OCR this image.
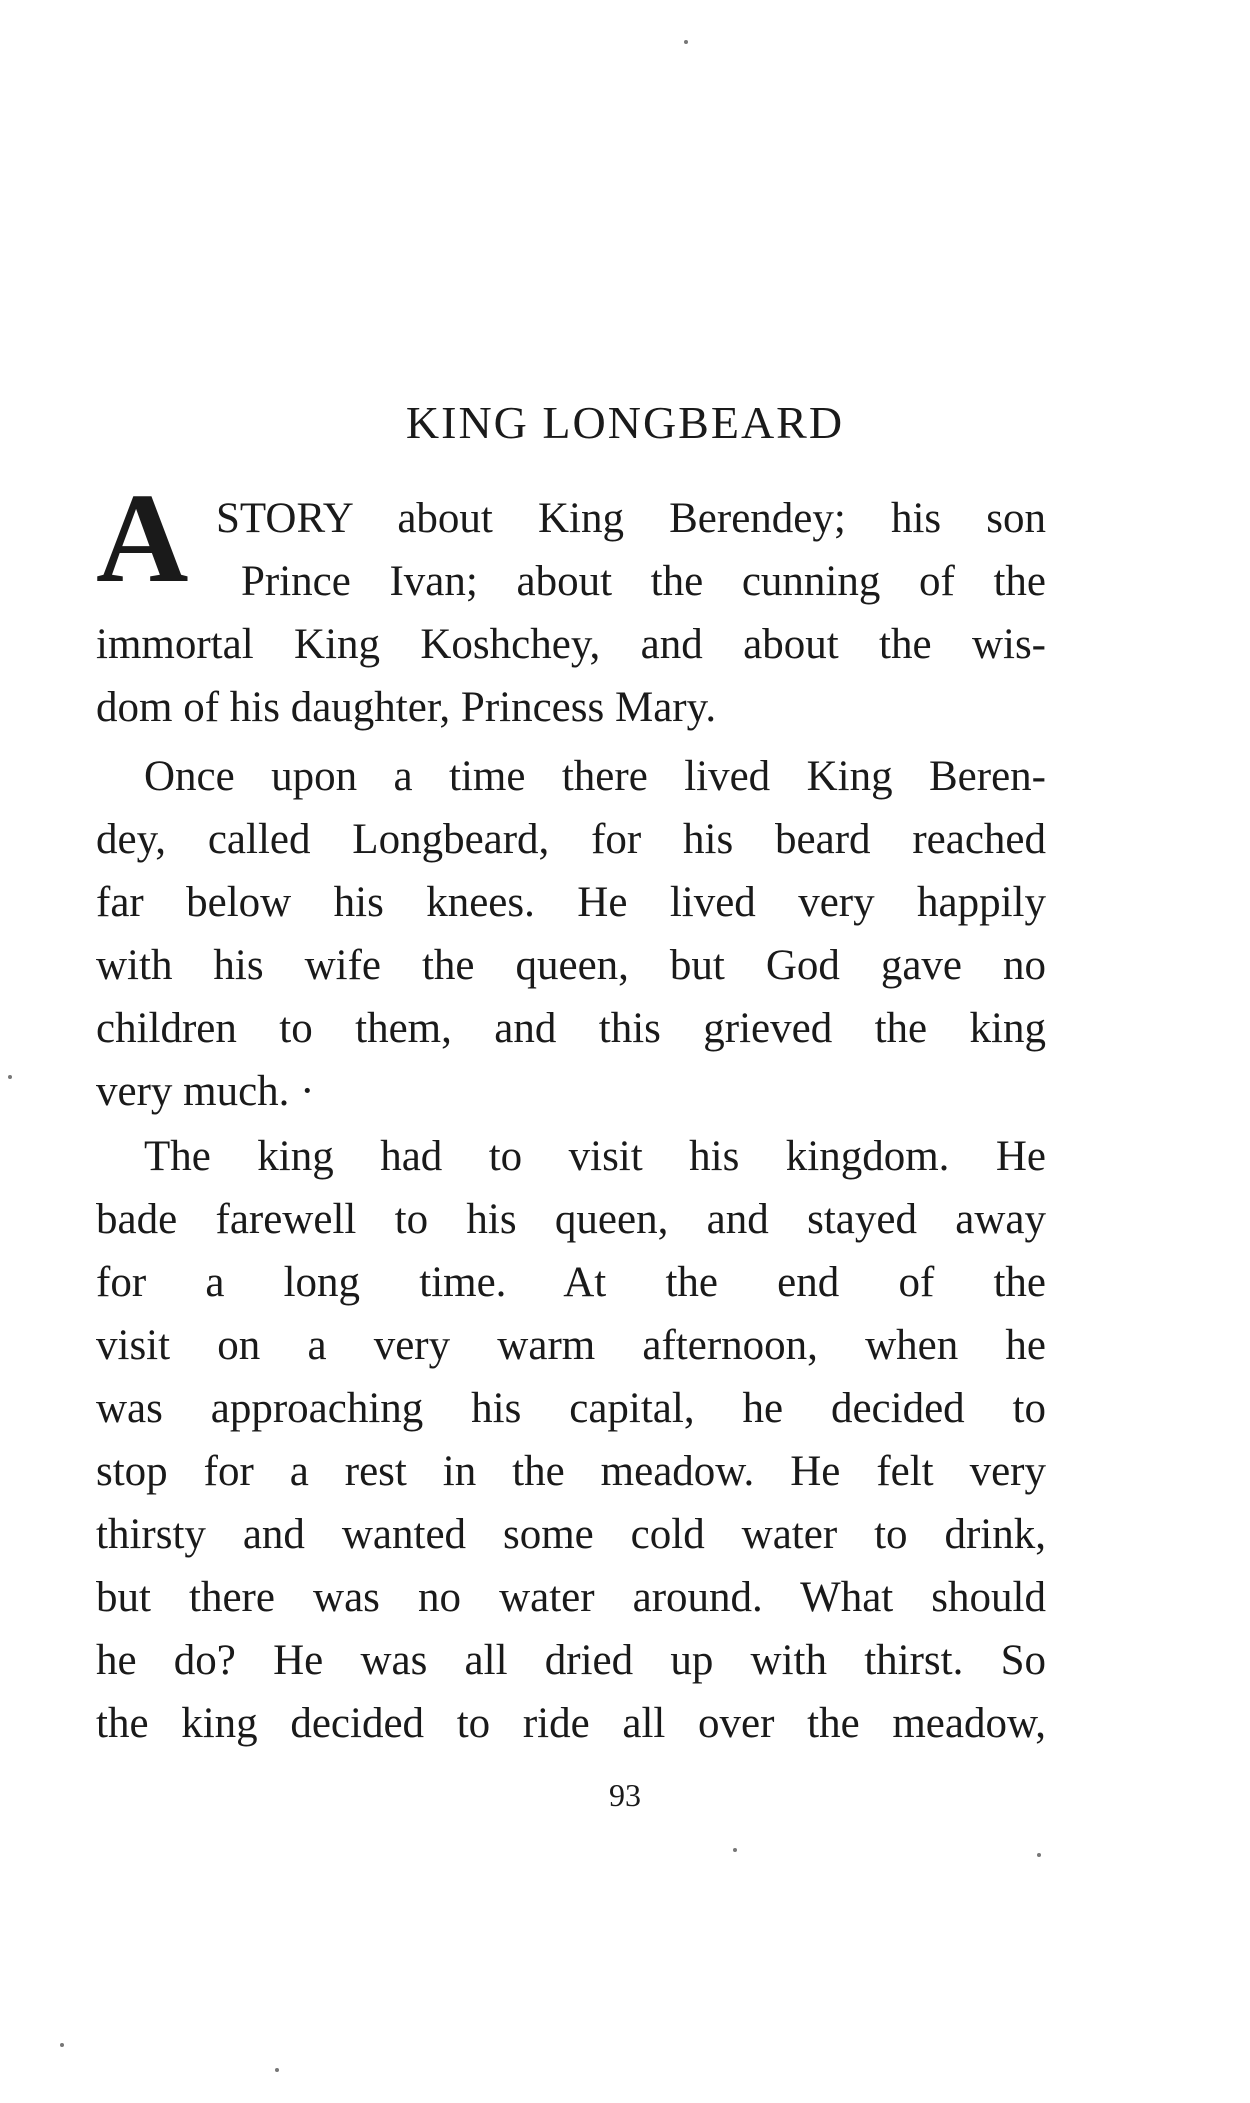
KING LONGBEARD
A STORY about King Berendey; his son
Prince Ivan; about the cunning of the
immortal King Koshchey, and about the wis-
dom of his daughter, Princess Mary.
Once upon a time there lived King Beren-
dey, called Longbeard, for his beard reached
far below his knees. He lived very happily
with his wife the queen, but God gave no
children to them, and this grieved the king
very much. ·
The king had to visit his kingdom. He
bade farewell to his queen, and stayed away
for a long time. At the end of the
visit on a very warm afternoon, when he
was approaching his capital, he decided to
stop for a rest in the meadow. He felt very
thirsty and wanted some cold water to drink,
but there was no water around. What should
he do? He was all dried up with thirst. So
the king decided to ride all over the meadow,
93
